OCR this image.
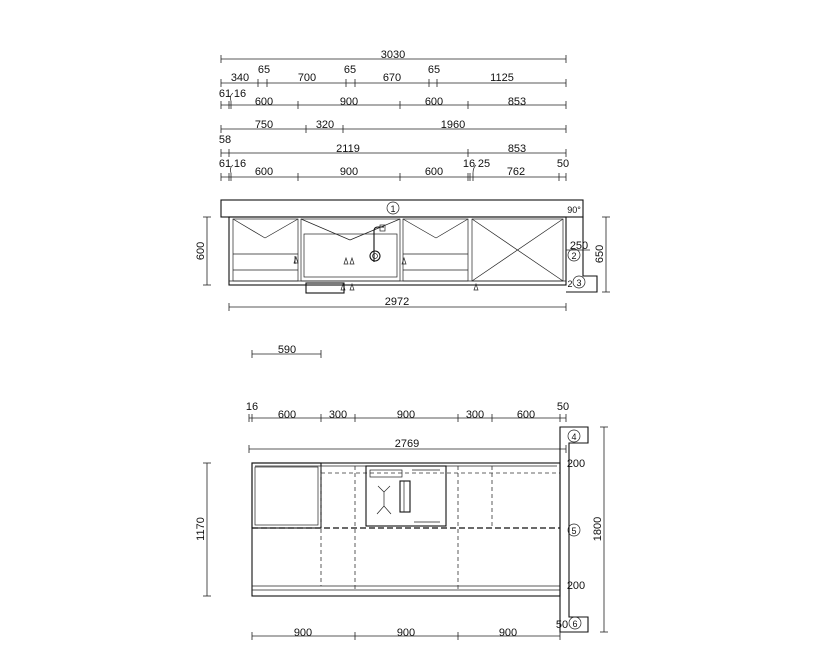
3030
340
65
700
65
670
65
1125
61 16
600	900	600	853
58
750	320	1960
2119	853
61 16
600	900	600	762
50
16 25
2972
600	650
250
90°
2
1
2
3
590
16
600	300	900	300	600
50
2769
900	900	900
1170	1800
200
200
50
4
5
6
